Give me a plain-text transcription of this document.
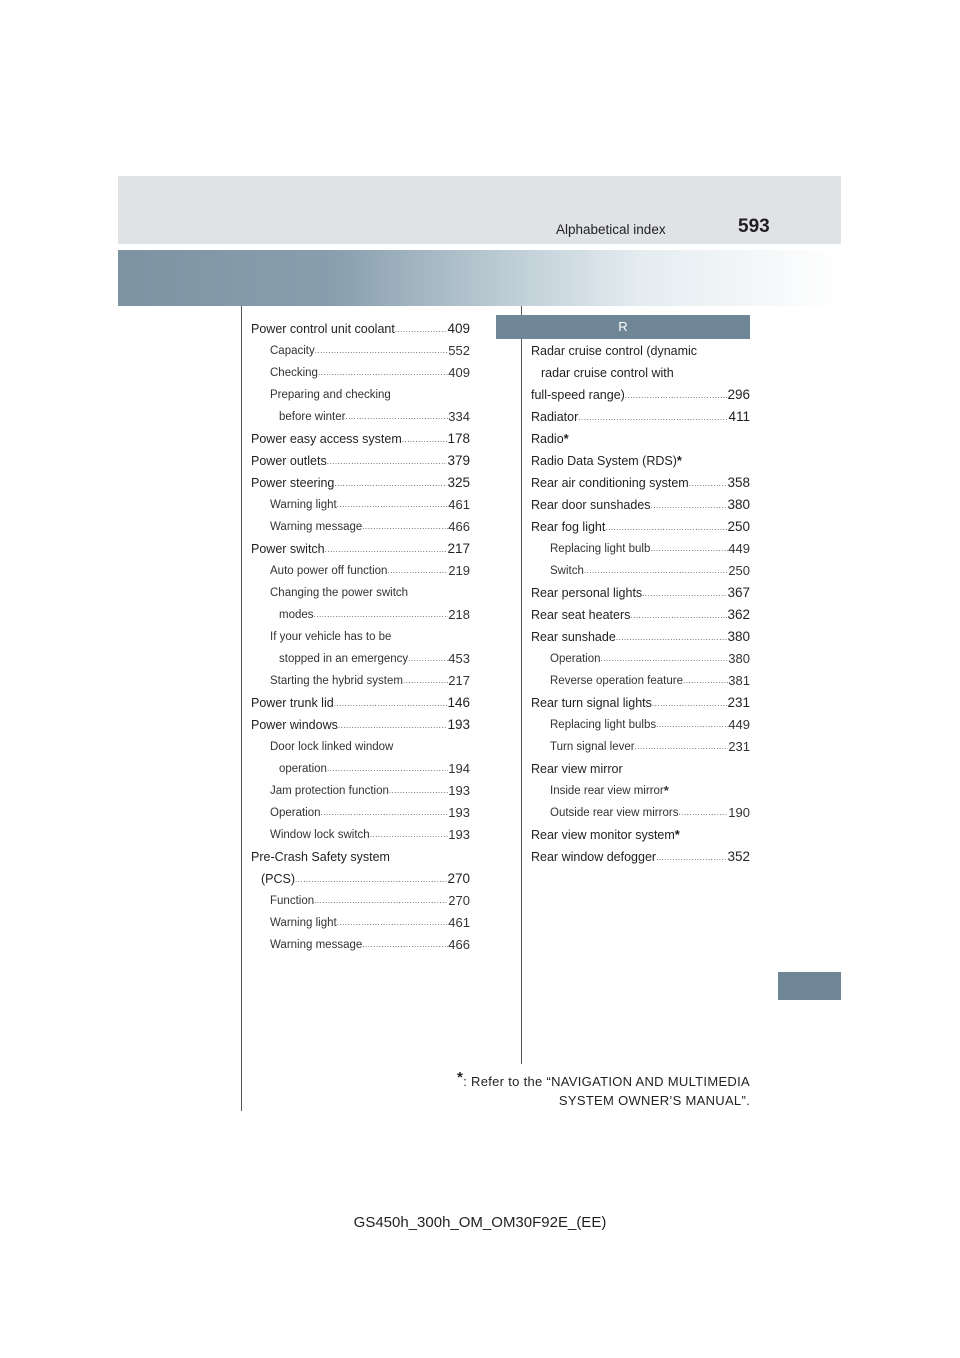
Alphabetical index	593
Power control unit coolant .....	409
Capacity .....	552
Checking .....	409
Preparing and checking
before winter .....	334
Power easy access system .....	178
Power outlets .....	379
Power steering .....	325
Warning light .....	461
Warning message .....	466
Power switch .....	217
Auto power off function .....	219
Changing the power switch
modes .....	218
If your vehicle has to be
stopped in an emergency .....	453
Starting the hybrid system .....	217
Power trunk lid .....	146
Power windows .....	193
Door lock linked window
operation .....	194
Jam protection function .....	193
Operation .....	193
Window lock switch .....	193
Pre-Crash Safety system
(PCS) .....	270
Function .....	270
Warning light .....	461
Warning message .....	466
R
Radar cruise control (dynamic
radar cruise control with
full-speed range) .....	296
Radiator .....	411
Radio *
Radio Data System (RDS) *
Rear air conditioning system .....	358
Rear door sunshades .....	380
Rear fog light .....	250
Replacing light bulb .....	449
Switch .....	250
Rear personal lights .....	367
Rear seat heaters .....	362
Rear sunshade .....	380
Operation .....	380
Reverse operation feature .....	381
Rear turn signal lights .....	231
Replacing light bulbs .....	449
Turn signal lever .....	231
Rear view mirror
Inside rear view mirror *
Outside rear view mirrors .....	190
Rear view monitor system *
Rear window defogger .....	352
*: Refer to the “NAVIGATION AND MULTIMEDIA
SYSTEM OWNER’S MANUAL”.
GS450h_300h_OM_OM30F92E_(EE)
